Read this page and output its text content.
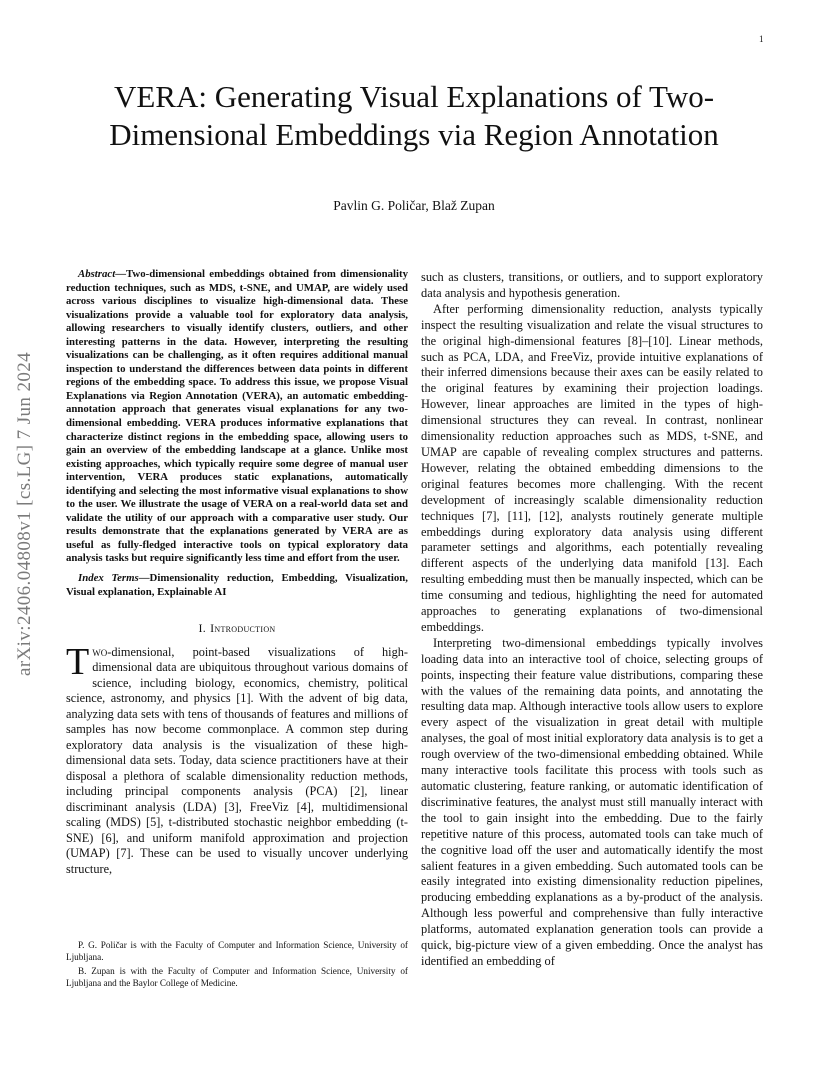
1
arXiv:2406.04808v1 [cs.LG] 7 Jun 2024
VERA: Generating Visual Explanations of Two-Dimensional Embeddings via Region Annotation
Pavlin G. Poličar, Blaž Zupan

Abstract—Two-dimensional embeddings obtained from dimensionality reduction techniques, such as MDS, t-SNE, and UMAP, are widely used across various disciplines to visualize high-dimensional data. These visualizations provide a valuable tool for exploratory data analysis, allowing researchers to visually identify clusters, outliers, and other interesting patterns in the data. However, interpreting the resulting visualizations can be challenging, as it often requires additional manual inspection to understand the differences between data points in different regions of the embedding space. To address this issue, we propose Visual Explanations via Region Annotation (VERA), an automatic embedding-annotation approach that generates visual explanations for any two-dimensional embedding. VERA produces informative explanations that characterize distinct regions in the embedding space, allowing users to gain an overview of the embedding landscape at a glance. Unlike most existing approaches, which typically require some degree of manual user intervention, VERA produces static explanations, automatically identifying and selecting the most informative visual explanations to show to the user. We illustrate the usage of VERA on a real-world data set and validate the utility of our approach with a comparative user study. Our results demonstrate that the explanations generated by VERA are as useful as fully-fledged interactive tools on typical exploratory data analysis tasks but require significantly less time and effort from the user.

Index Terms—Dimensionality reduction, Embedding, Visualization, Visual explanation, Explainable AI

I. Introduction

Two-dimensional, point-based visualizations of high-dimensional data are ubiquitous throughout various domains of science, including biology, economics, chemistry, political science, astronomy, and physics [1]. With the advent of big data, analyzing data sets with tens of thousands of features and millions of samples has now become commonplace. A common step during exploratory data analysis is the visualization of these high-dimensional data sets. Today, data science practitioners have at their disposal a plethora of scalable dimensionality reduction methods, including principal components analysis (PCA) [2], linear discriminant analysis (LDA) [3], FreeViz [4], multidimensional scaling (MDS) [5], t-distributed stochastic neighbor embedding (t-SNE) [6], and uniform manifold approximation and projection (UMAP) [7]. These can be used to visually uncover underlying structure,

P. G. Poličar is with the Faculty of Computer and Information Science, University of Ljubljana.

B. Zupan is with the Faculty of Computer and Information Science, University of Ljubljana and the Baylor College of Medicine.

such as clusters, transitions, or outliers, and to support exploratory data analysis and hypothesis generation.

After performing dimensionality reduction, analysts typically inspect the resulting visualization and relate the visual structures to the original high-dimensional features [8]–[10]. Linear methods, such as PCA, LDA, and FreeViz, provide intuitive explanations of their inferred dimensions because their axes can be easily related to the original features by examining their projection loadings. However, linear approaches are limited in the types of high-dimensional structures they can reveal. In contrast, nonlinear dimensionality reduction approaches such as MDS, t-SNE, and UMAP are capable of revealing complex structures and patterns. However, relating the obtained embedding dimensions to the original features becomes more challenging. With the recent development of increasingly scalable dimensionality reduction techniques [7], [11], [12], analysts routinely generate multiple embeddings during exploratory data analysis using different parameter settings and algorithms, each potentially revealing different aspects of the underlying data manifold [13]. Each resulting embedding must then be manually inspected, which can be time consuming and tedious, highlighting the need for automated approaches to generating explanations of two-dimensional embeddings.

Interpreting two-dimensional embeddings typically involves loading data into an interactive tool of choice, selecting groups of points, inspecting their feature value distributions, comparing these with the values of the remaining data points, and annotating the resulting data map. Although interactive tools allow users to explore every aspect of the visualization in great detail with multiple analyses, the goal of most initial exploratory data analysis is to get a rough overview of the two-dimensional embedding obtained. While many interactive tools facilitate this process with tools such as automatic clustering, feature ranking, or automatic identification of discriminative features, the analyst must still manually interact with the tool to gain insight into the embedding. Due to the fairly repetitive nature of this process, automated tools can take much of the cognitive load off the user and automatically identify the most salient features in a given embedding. Such automated tools can be easily integrated into existing dimensionality reduction pipelines, producing embedding explanations as a by-product of the analysis. Although less powerful and comprehensive than fully interactive platforms, automated explanation generation tools can provide a quick, big-picture view of a given embedding. Once the analyst has identified an embedding of
